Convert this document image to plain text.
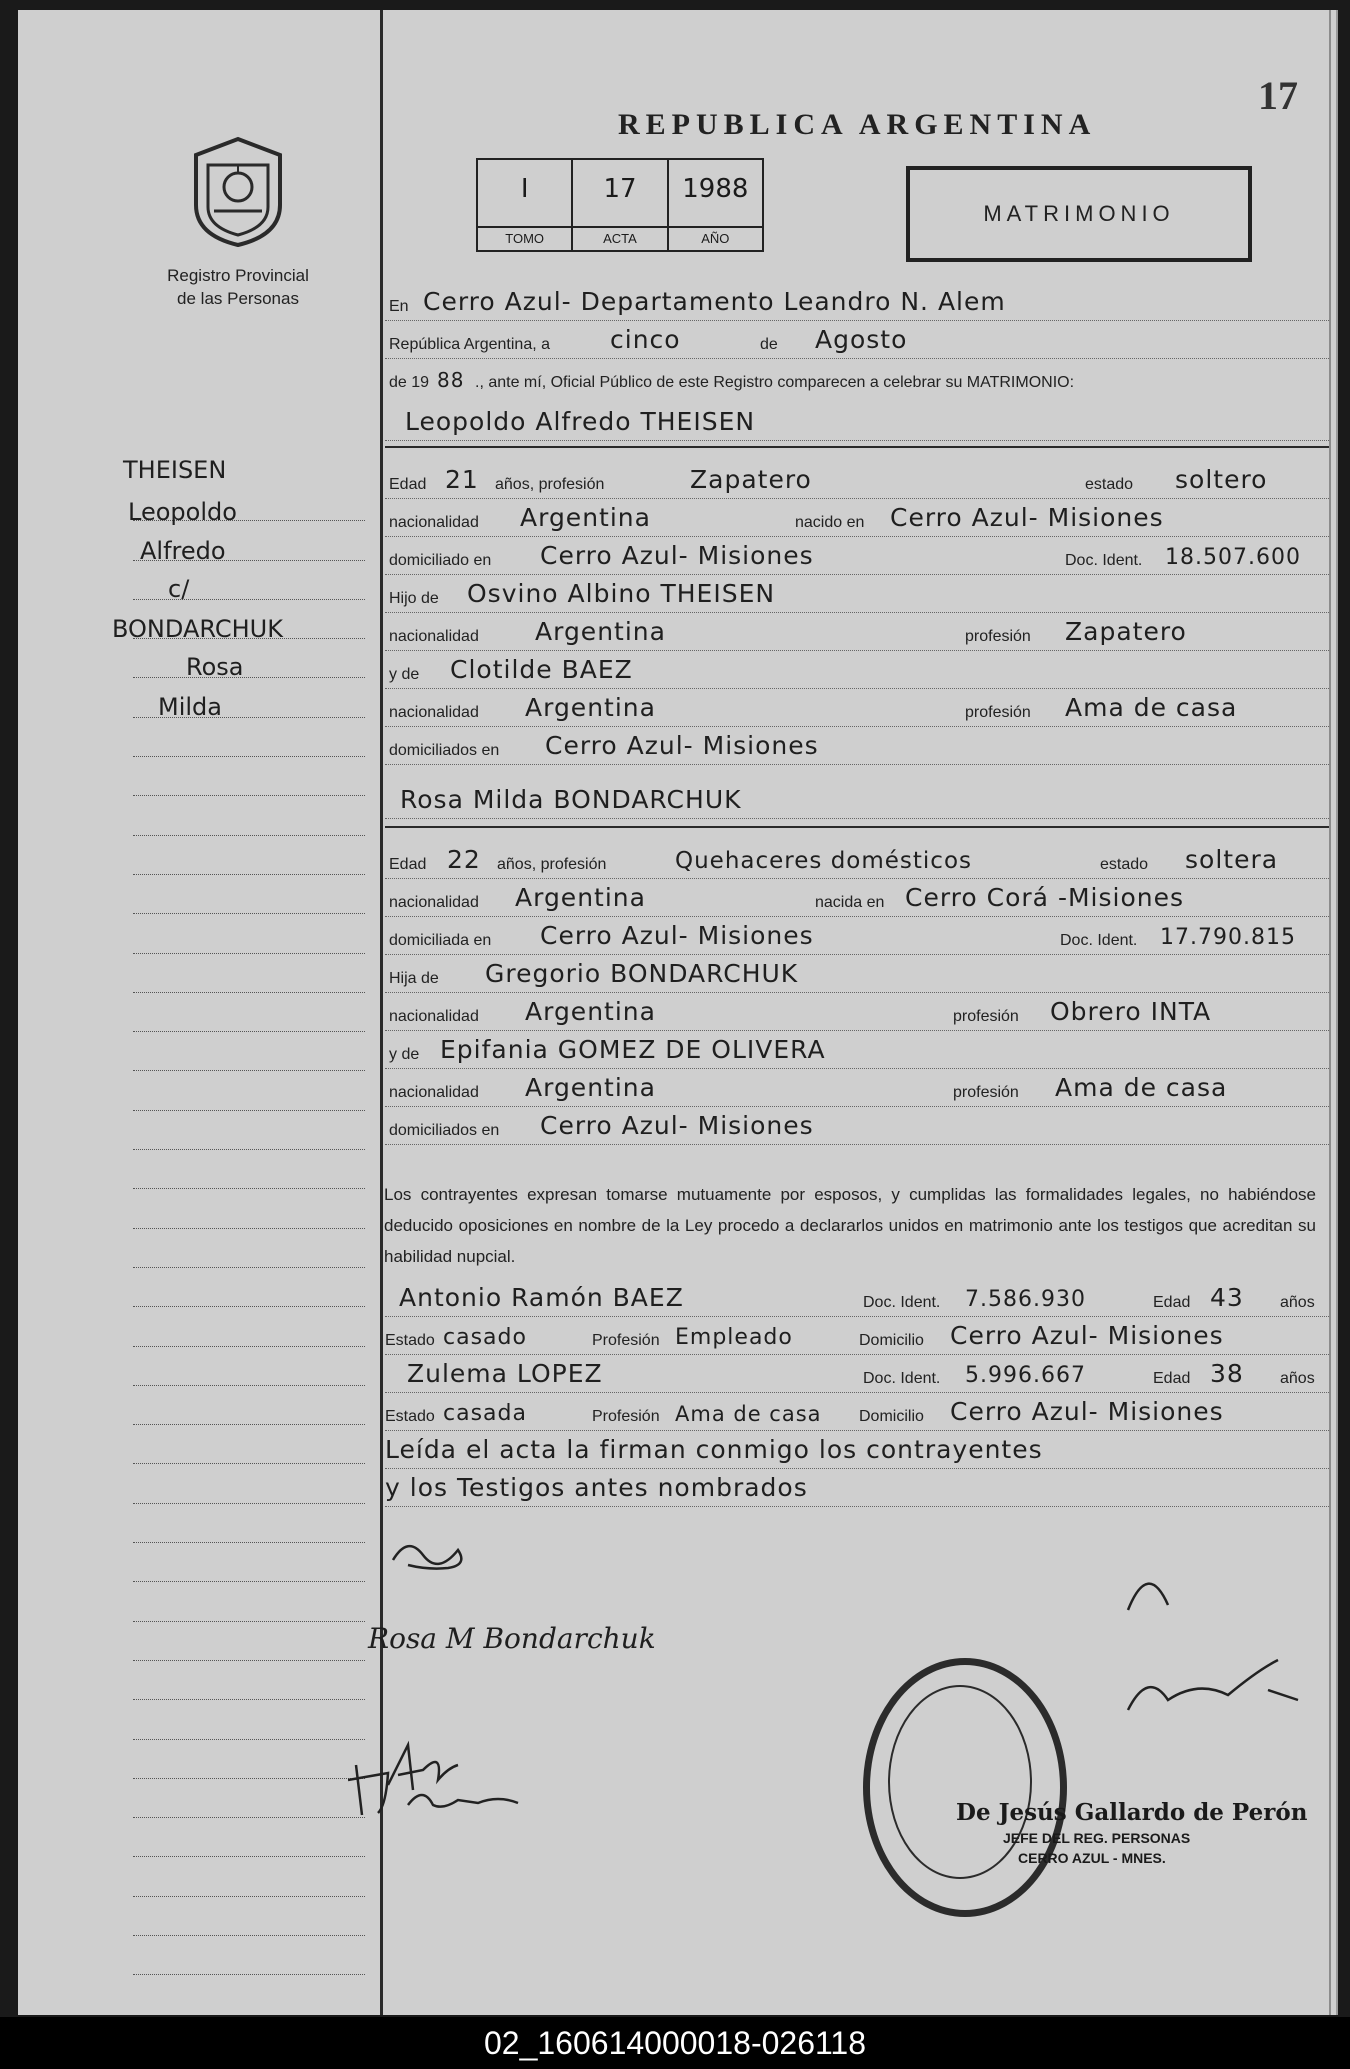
Registro Provincial
de las Personas
THEISEN
Leopoldo
Alfredo
c/
BONDARCHUK
Rosa
Milda
17
REPUBLICA ARGENTINA
I
TOMO
17
ACTA
1988
AÑO
MATRIMONIO
En Cerro Azul- Departamento Leandro N. Alem
República Argentina, a cinco	de Agosto
de 19 88 ., ante mí, Oficial Público de este Registro comparecen a celebrar su MATRIMONIO:
Leopoldo Alfredo THEISEN
Edad 21 años, profesión	Zapatero	estado soltero
nacionalidad Argentina	nacido en Cerro Azul- Misiones
domiciliado en Cerro Azul- Misiones	Doc. Ident. 18.507.600
Hijo de Osvino Albino THEISEN
nacionalidad Argentina	profesión Zapatero
y de Clotilde BAEZ
nacionalidad Argentina	profesión Ama de casa
domiciliados en Cerro Azul- Misiones
Rosa Milda BONDARCHUK
Edad 22 años, profesión	Quehaceres domésticos	estado soltera
nacionalidad Argentina	nacida en Cerro Corá -Misiones
domiciliada en Cerro Azul- Misiones	Doc. Ident. 17.790.815
Hija de Gregorio BONDARCHUK
nacionalidad Argentina	profesión Obrero INTA
y de Epifania GOMEZ DE OLIVERA
nacionalidad Argentina	profesión Ama de casa
domiciliados en Cerro Azul- Misiones
Los contrayentes expresan tomarse mutuamente por esposos, y cumplidas las formalidades legales, no habiéndose deducido oposiciones en nombre de la Ley procedo a declararlos unidos en matrimonio ante los testigos que acreditan su habilidad nupcial.
Antonio Ramón BAEZ	Doc. Ident. 7.586.930	Edad 43 años
Estado casado	Profesión Empleado	Domicilio Cerro Azul- Misiones
Zulema LOPEZ	Doc. Ident. 5.996.667	Edad 38 años
Estado casada	Profesión Ama de casa Domicilio Cerro Azul- Misiones
Leída el acta la firman conmigo los contrayentes
y los Testigos antes nombrados
Rosa M Bondarchuk
De Jesús Gallardo de Perón
JEFE DEL REG. PERSONAS
CERRO AZUL - MNES.
02_160614000018-026118
